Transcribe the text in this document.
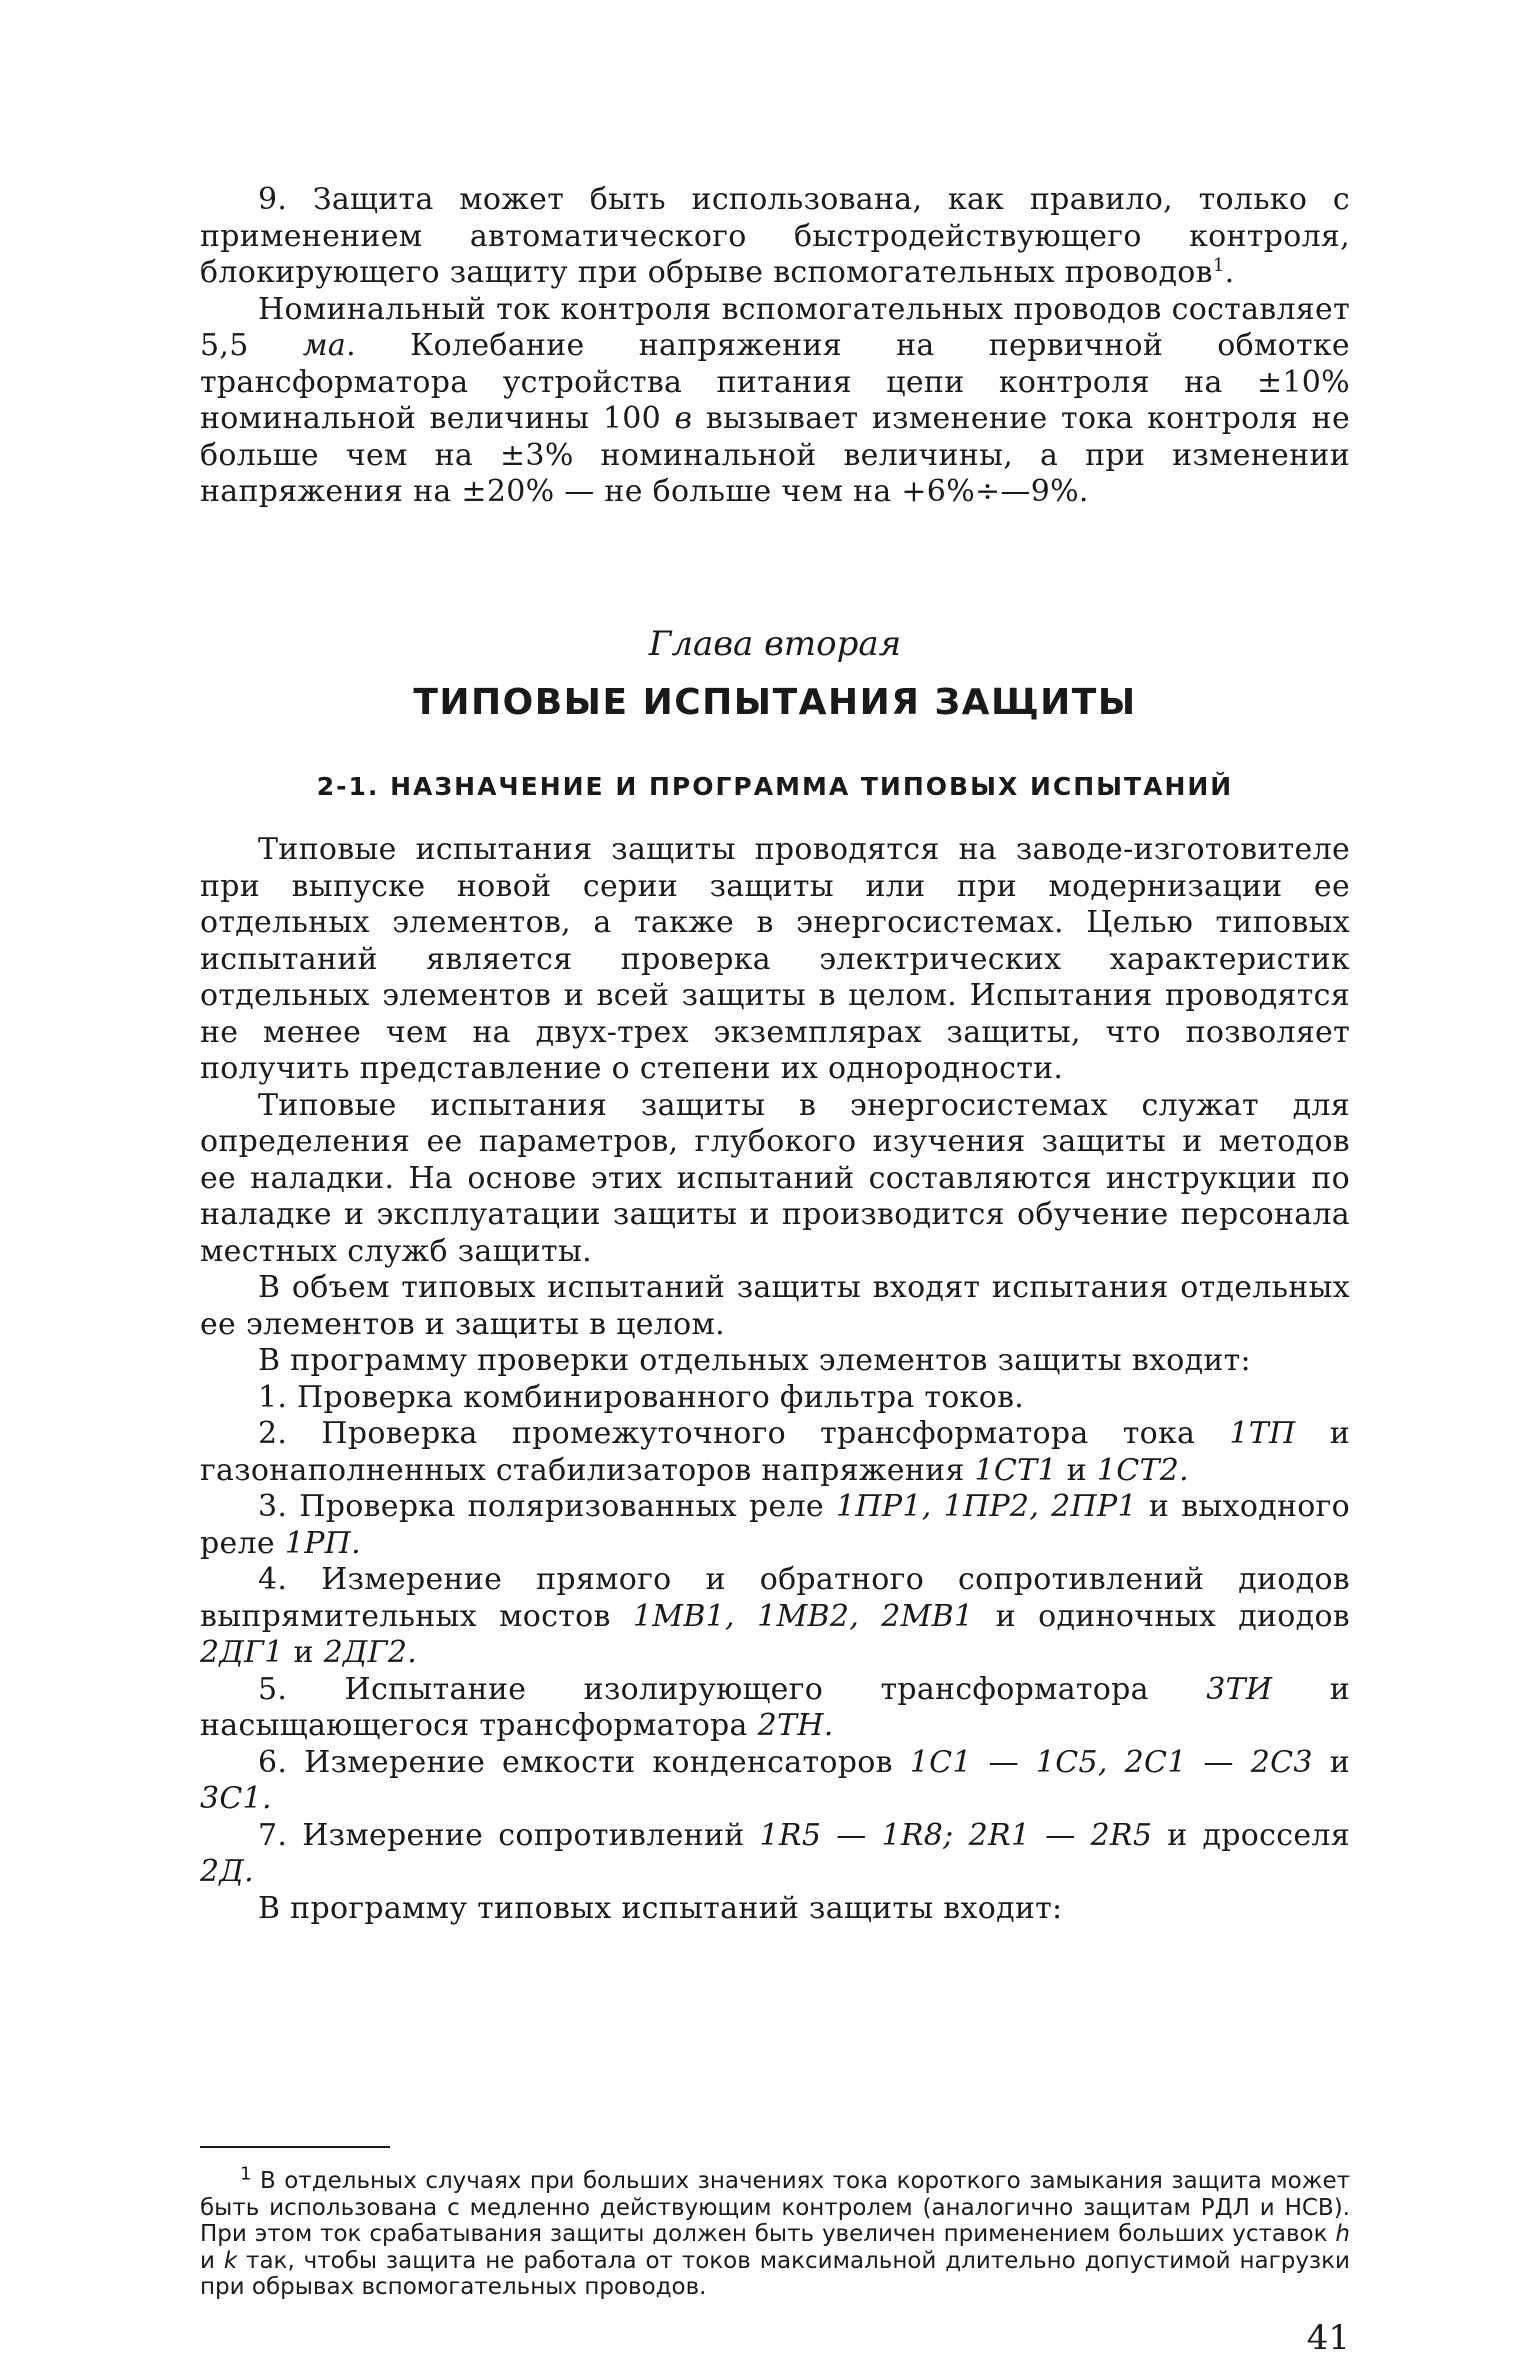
9. Защита может быть использована, как правило, только с применением автоматического быстродействующего контроля, блокирующего защиту при обрыве вспомогательных проводов$^1$.

Номинальный ток контроля вспомогательных проводов составляет 5,5 ма. Колебание напряжения на первичной обмотке трансформатора устройства питания цепи контроля на ±10% номинальной величины 100 в вызывает изменение тока контроля не больше чем на ±3% номинальной величины, а при изменении напряжения на ±20% — не больше чем на +6%÷—9%.

Глава вторая

ТИПОВЫЕ ИСПЫТАНИЯ ЗАЩИТЫ

2-1. НАЗНАЧЕНИЕ И ПРОГРАММА ТИПОВЫХ ИСПЫТАНИЙ

Типовые испытания защиты проводятся на заводе-изготовителе при выпуске новой серии защиты или при модернизации ее отдельных элементов, а также в энергосистемах. Целью типовых испытаний является проверка электрических характеристик отдельных элементов и всей защиты в целом. Испытания проводятся не менее чем на двух-трех экземплярах защиты, что позволяет получить представление о степени их однородности.

Типовые испытания защиты в энергосистемах служат для определения ее параметров, глубокого изучения защиты и методов ее наладки. На основе этих испытаний составляются инструкции по наладке и эксплуатации защиты и производится обучение персонала местных служб защиты.

В объем типовых испытаний защиты входят испытания отдельных ее элементов и защиты в целом.

В программу проверки отдельных элементов защиты входит:

1. Проверка комбинированного фильтра токов.

2. Проверка промежуточного трансформатора тока 1ТП и газонаполненных стабилизаторов напряжения 1СТ1 и 1СТ2.

3. Проверка поляризованных реле 1ПР1, 1ПР2, 2ПР1 и выходного реле 1РП.

4. Измерение прямого и обратного сопротивлений диодов выпрямительных мостов 1МВ1, 1МВ2, 2МВ1 и одиночных диодов 2ДГ1 и 2ДГ2.

5. Испытание изолирующего трансформатора 3ТИ и насыщающегося трансформатора 2ТН.

6. Измерение емкости конденсаторов 1С1 — 1С5, 2С1 — 2С3 и 3С1.

7. Измерение сопротивлений 1R5 — 1R8; 2R1 — 2R5 и дросселя 2Д.

В программу типовых испытаний защиты входит:

$^1$ В отдельных случаях при больших значениях тока короткого замыкания защита может быть использована с медленно действующим контролем (аналогично защитам РДЛ и НСВ). При этом ток срабатывания защиты должен быть увеличен применением больших уставок h и k так, чтобы защита не работала от токов максимальной длительно допустимой нагрузки при обрывах вспомогательных проводов.

41
